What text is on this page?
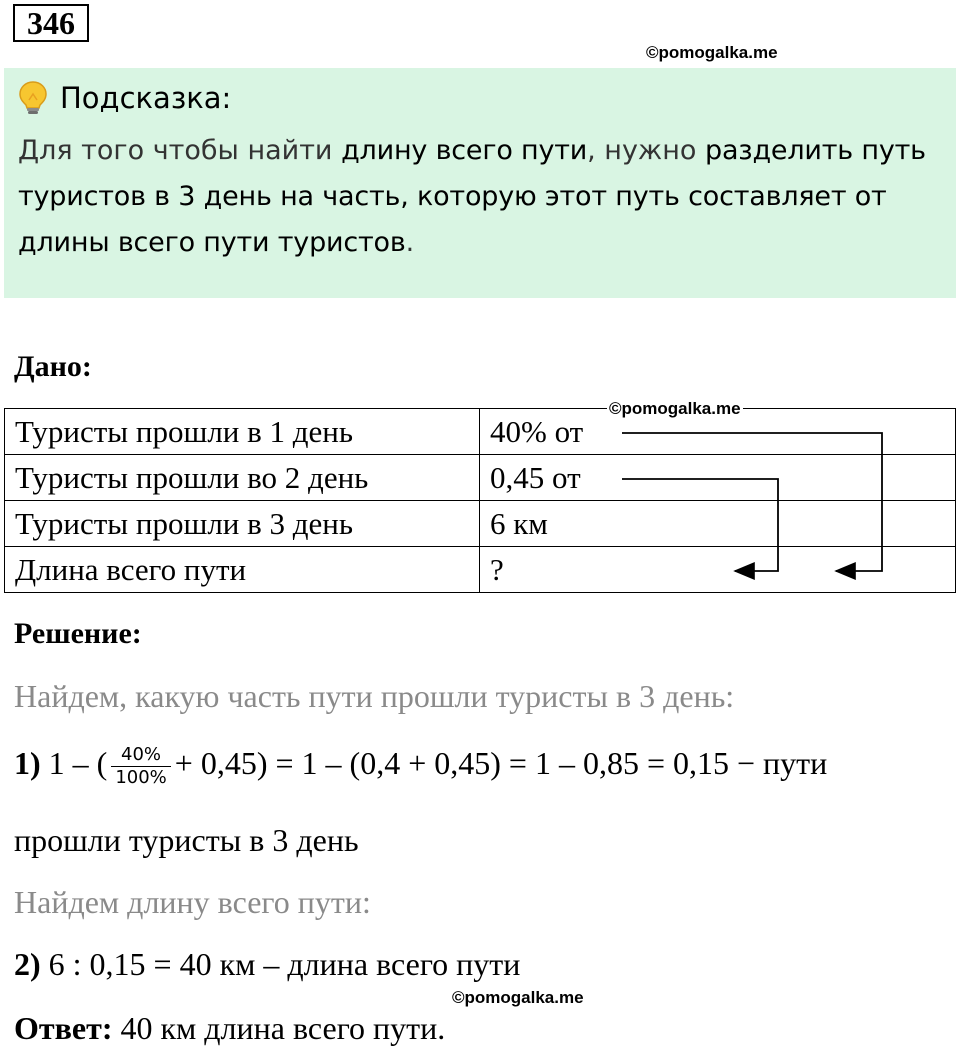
346
©pomogalka.me
Подсказка:
Для того чтобы найти длину всего пути, нужно разделить путь туристов в 3 день на часть, которую этот путь составляет от длины всего пути туристов.
Дано:
Туристы прошли в 1 день	40% от
Туристы прошли во 2 день	0,45 от
Туристы прошли в 3 день	6 км
Длина всего пути	?
©pomogalka.me
Решение:
Найдем, какую часть пути прошли туристы в 3 день:
1) 1 – ( $\frac{40\%}{100\%} + 0,45) = 1 - (0,4 + 0,45) = 1 - 0,85 = 0,15$ − пути
прошли туристы в 3 день
Найдем длину всего пути:
2) 6 : 0,15 = 40 км – длина всего пути
©pomogalka.me
Ответ: 40 км длина всего пути.
